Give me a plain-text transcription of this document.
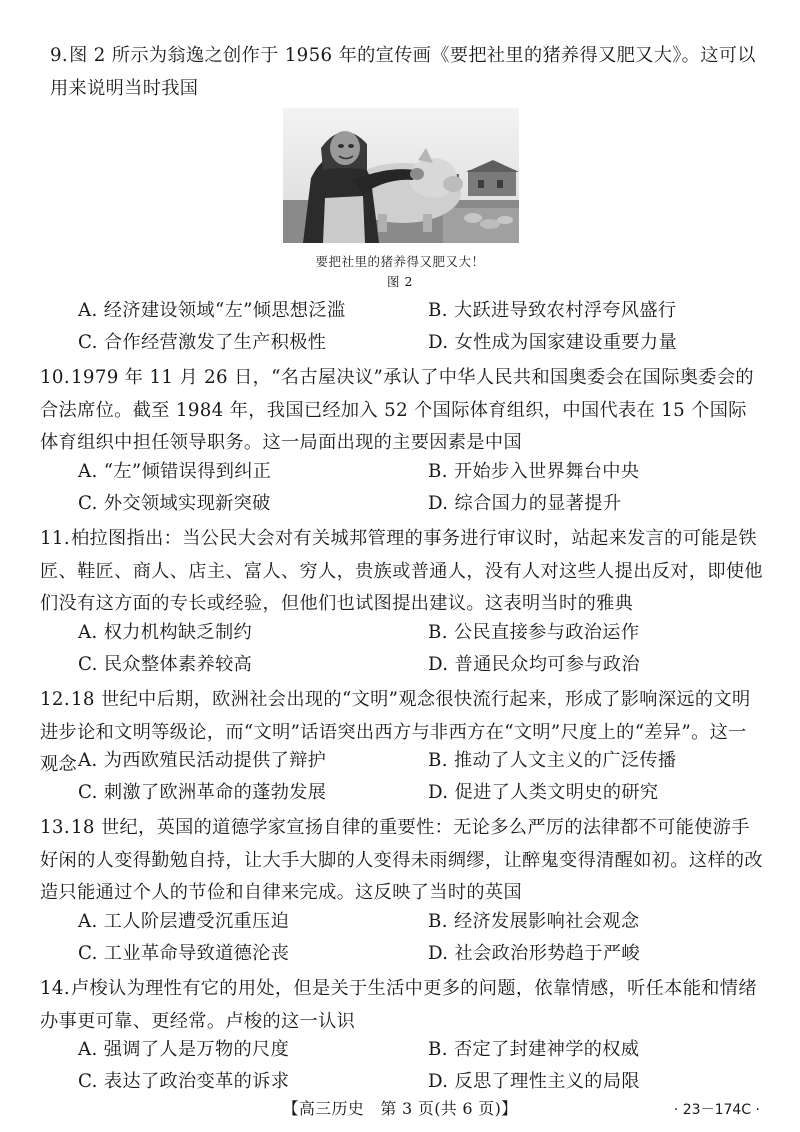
9.图 2 所示为翁逸之创作于 1956 年的宣传画《要把社里的猪养得又肥又大》。这可以用来说明当时我国
要把社里的猪养得又肥又大！
图 2
A. 经济建设领域“左”倾思想泛滥	B. 大跃进导致农村浮夸风盛行
C. 合作经营激发了生产积极性	D. 女性成为国家建设重要力量
10.1979 年 11 月 26 日，“名古屋决议”承认了中华人民共和国奥委会在国际奥委会的合法席位。截至 1984 年，我国已经加入 52 个国际体育组织，中国代表在 15 个国际体育组织中担任领导职务。这一局面出现的主要因素是中国
A. “左”倾错误得到纠正	B. 开始步入世界舞台中央
C. 外交领域实现新突破	D. 综合国力的显著提升
11.柏拉图指出：当公民大会对有关城邦管理的事务进行审议时，站起来发言的可能是铁匠、鞋匠、商人、店主、富人、穷人，贵族或普通人，没有人对这些人提出反对，即使他们没有这方面的专长或经验，但他们也试图提出建议。这表明当时的雅典
A. 权力机构缺乏制约	B. 公民直接参与政治运作
C. 民众整体素养较高	D. 普通民众均可参与政治
12.18 世纪中后期，欧洲社会出现的“文明”观念很快流行起来，形成了影响深远的文明进步论和文明等级论，而“文明”话语突出西方与非西方在“文明”尺度上的“差异”。这一观念 A. 为西欧殖民活动提供了辩护	B. 推动了人文主义的广泛传播
C. 刺激了欧洲革命的蓬勃发展	D. 促进了人类文明史的研究
13.18 世纪，英国的道德学家宣扬自律的重要性：无论多么严厉的法律都不可能使游手好闲的人变得勤勉自持，让大手大脚的人变得未雨绸缪，让醉鬼变得清醒如初。这样的改造只能通过个人的节俭和自律来完成。这反映了当时的英国
A. 工人阶层遭受沉重压迫	B. 经济发展影响社会观念
C. 工业革命导致道德沦丧	D. 社会政治形势趋于严峻
14.卢梭认为理性有它的用处，但是关于生活中更多的问题，依靠情感，听任本能和情绪办事更可靠、更经常。卢梭的这一认识
A. 强调了人是万物的尺度	B. 否定了封建神学的权威
C. 表达了政治变革的诉求	D. 反思了理性主义的局限
【高三历史　第 3 页(共 6 页)】	· 23－174C ·
